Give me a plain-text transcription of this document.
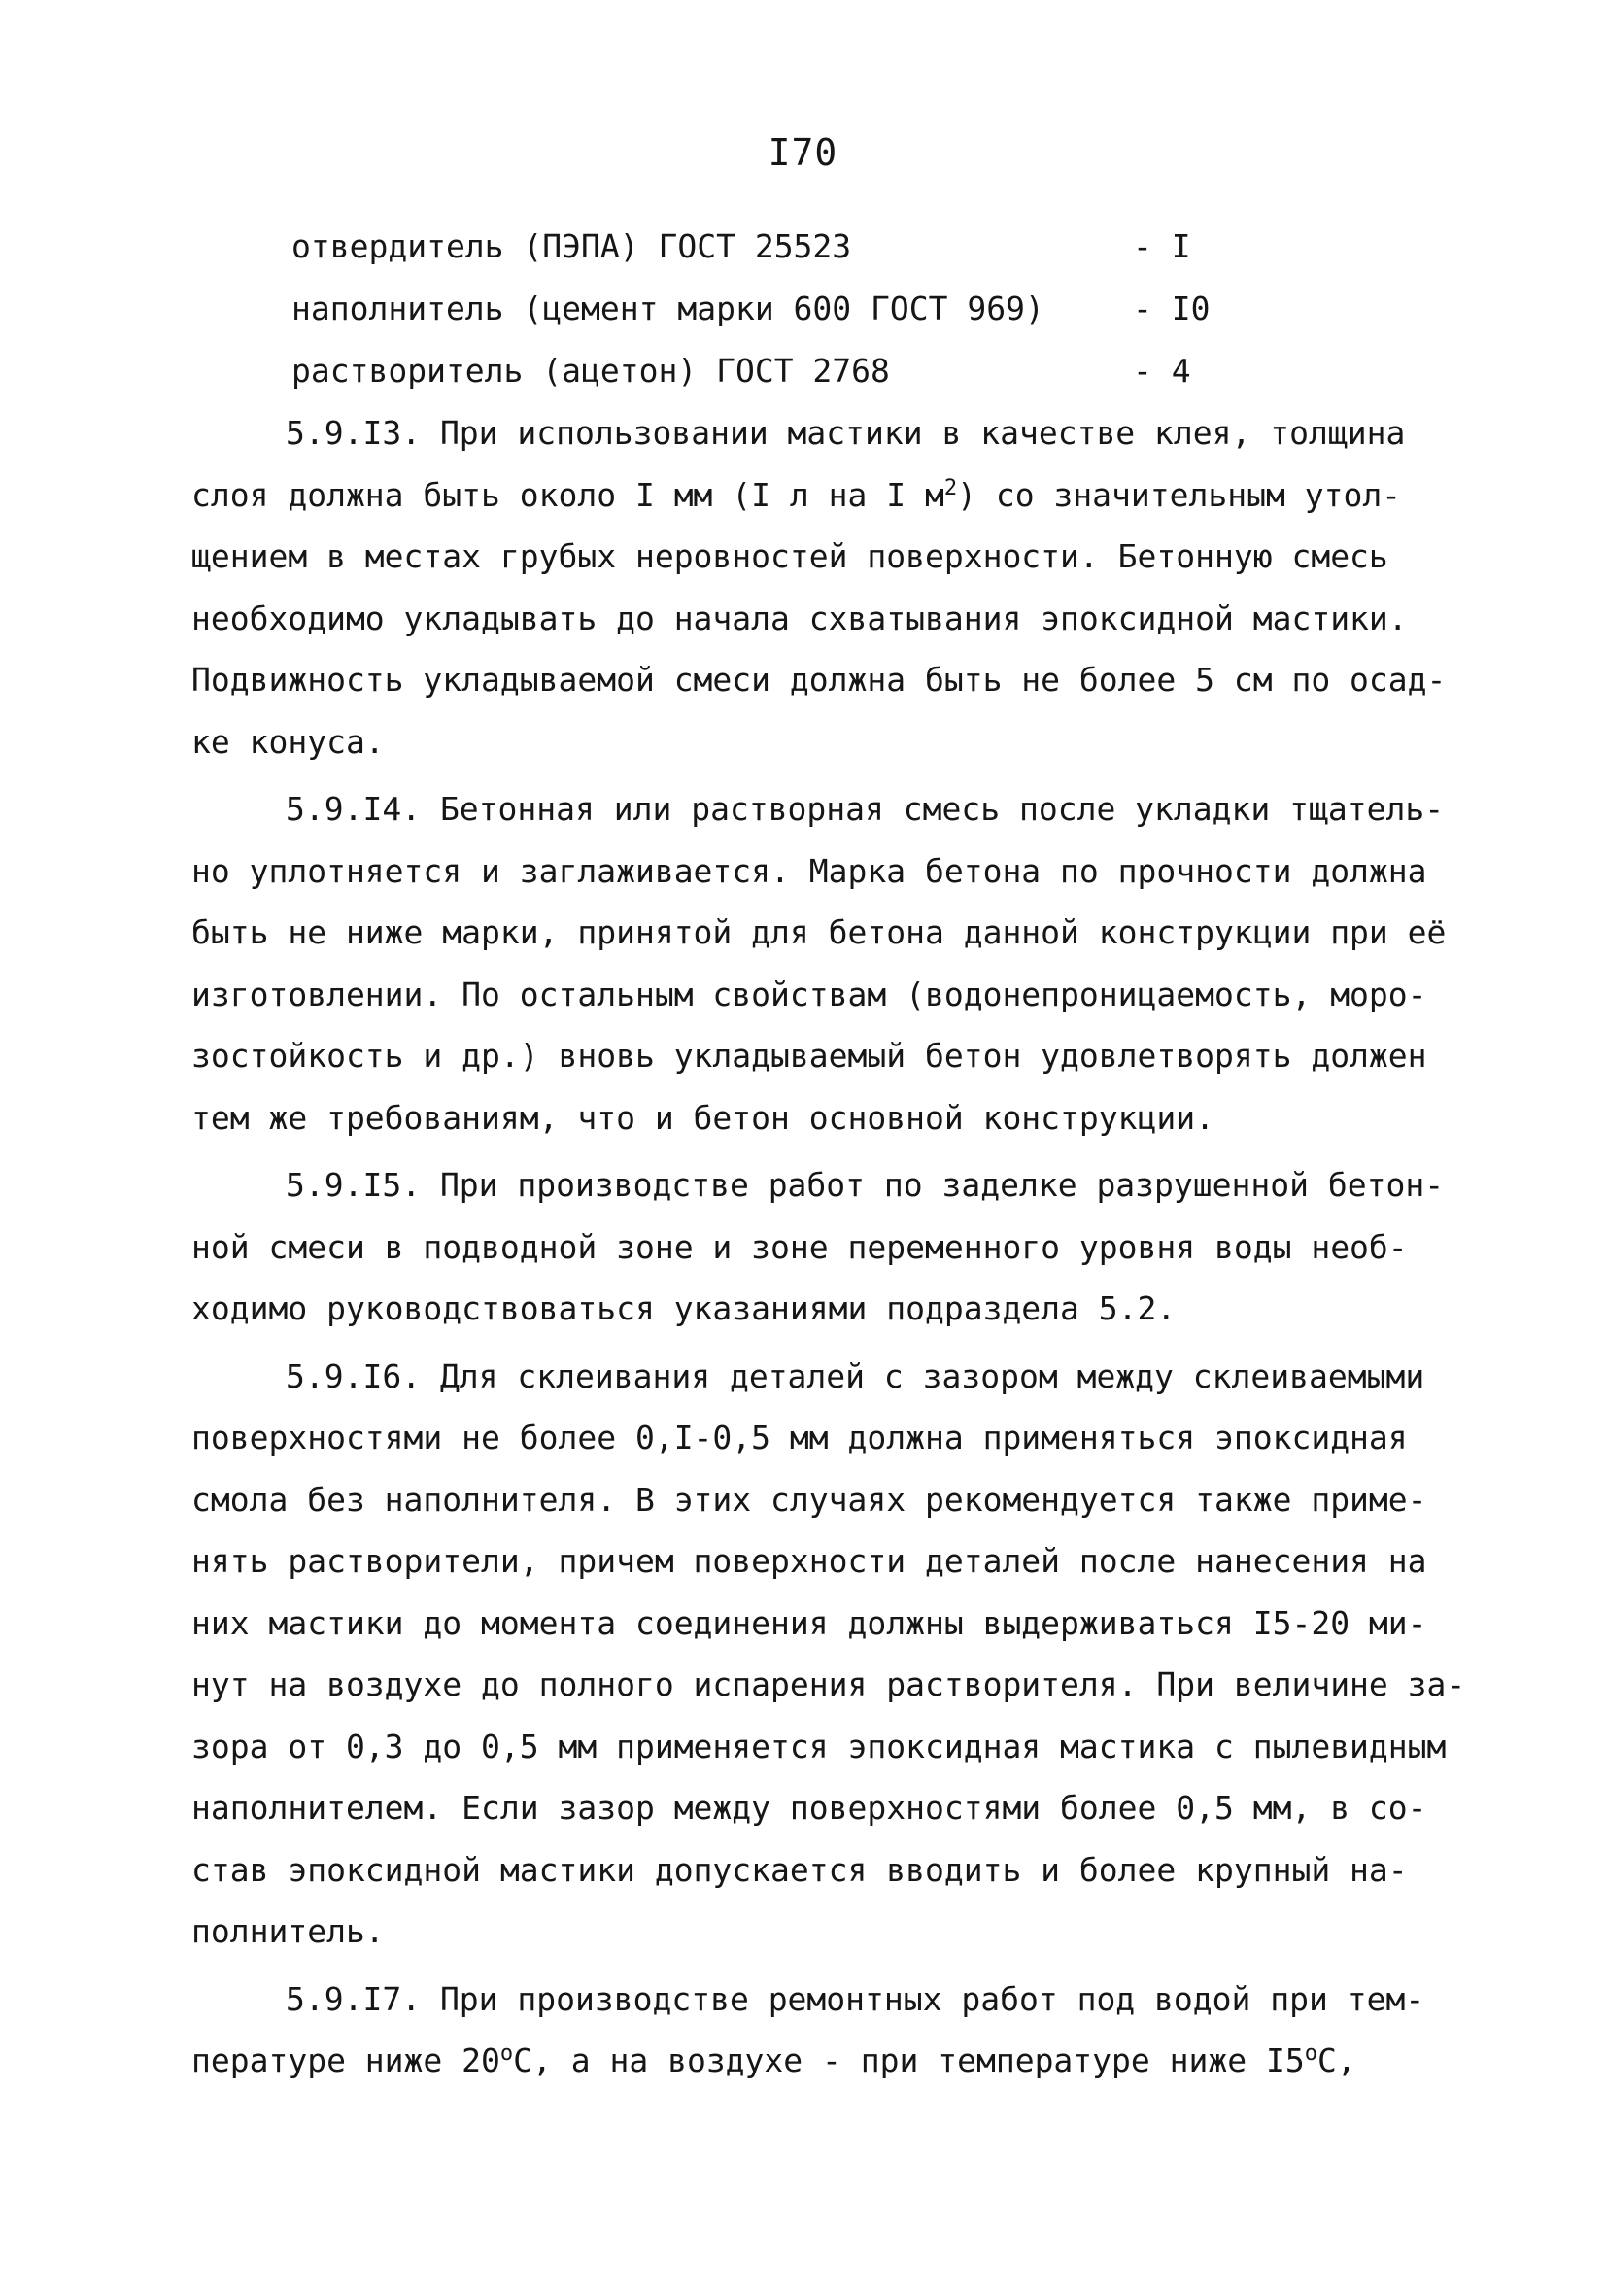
I70
отвердитель (ПЭПА) ГОСТ 25523	- I
наполнитель (цемент марки 600 ГОСТ 969)	- I0
растворитель (ацетон) ГОСТ 2768	- 4
5.9.I3. При использовании мастики в качестве клея, толщина
слоя должна быть около I мм (I л на I $м^2$) со значительным утол-
щением в местах грубых неровностей поверхности. Бетонную смесь
необходимо укладывать до начала схватывания эпоксидной мастики.
Подвижность укладываемой смеси должна быть не более 5 см по осад-
ке конуса.
5.9.I4. Бетонная или растворная смесь после укладки тщатель-
но уплотняется и заглаживается. Марка бетона по прочности должна
быть не ниже марки, принятой для бетона данной конструкции при её
изготовлении. По остальным свойствам (водонепроницаемость, моро-
зостойкость и др.) вновь укладываемый бетон удовлетворять должен
тем же требованиям, что и бетон основной конструкции.
5.9.I5. При производстве работ по заделке разрушенной бетон-
ной смеси в подводной зоне и зоне переменного уровня воды необ-
ходимо руководствоваться указаниями подраздела 5.2.
5.9.I6. Для склеивания деталей с зазором между склеиваемыми
поверхностями не более 0,I-0,5 мм должна применяться эпоксидная
смола без наполнителя. В этих случаях рекомендуется также приме-
нять растворители, причем поверхности деталей после нанесения на
них мастики до момента соединения должны выдерживаться I5-20 ми-
нут на воздухе до полного испарения растворителя. При величине за-
зора от 0,3 до 0,5 мм применяется эпоксидная мастика с пылевидным
наполнителем. Если зазор между поверхностями более 0,5 мм, в со-
став эпоксидной мастики допускается вводить и более крупный на-
полнитель.
5.9.I7. При производстве ремонтных работ под водой при тем-
пературе ниже $20^оС$, а на воздухе - при температуре ниже $I5^оС$,
